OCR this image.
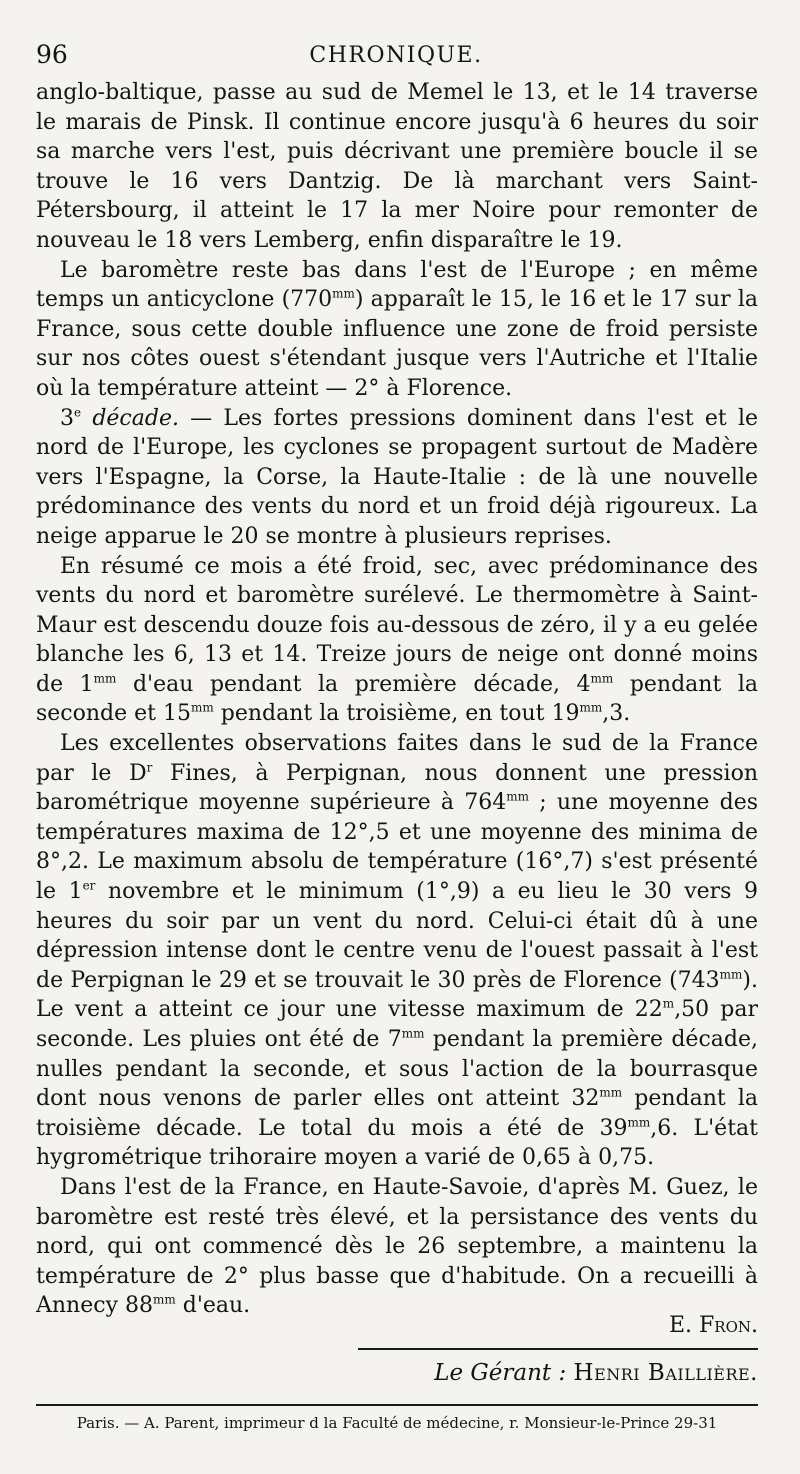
96	CHRONIQUE.

anglo-baltique, passe au sud de Memel le 13, et le 14 traverse le marais de Pinsk. Il continue encore jusqu'à 6 heures du soir sa marche vers l'est, puis décrivant une première boucle il se trouve le 16 vers Dantzig. De là marchant vers Saint-Pétersbourg, il atteint le 17 la mer Noire pour remonter de nouveau le 18 vers Lemberg, enfin disparaître le 19.

Le baromètre reste bas dans l'est de l'Europe ; en même temps un anticyclone $(770^{mm})$ apparaît le 15, le 16 et le 17 sur la France, sous cette double influence une zone de froid persiste sur nos côtes ouest s'étendant jusque vers l'Autriche et l'Italie où la température atteint — 2° à Florence.

3e décade. — Les fortes pressions dominent dans l'est et le nord de l'Europe, les cyclones se propagent surtout de Madère vers l'Espagne, la Corse, la Haute-Italie : de là une nouvelle prédominance des vents du nord et un froid déjà rigoureux. La neige apparue le 20 se montre à plusieurs reprises.

En résumé ce mois a été froid, sec, avec prédominance des vents du nord et baromètre surélevé. Le thermomètre à Saint-Maur est descendu douze fois au-dessous de zéro, il y a eu gelée blanche les 6, 13 et 14. Treize jours de neige ont donné moins de $1^{mm}$ d'eau pendant la première décade, $4^{mm}$ pendant la seconde et $15^{mm}$ pendant la troisième, en tout $19^{mm},3$.

Les excellentes observations faites dans le sud de la France par le $D^r$ Fines, à Perpignan, nous donnent une pression barométrique moyenne supérieure à $764^{mm}$ ; une moyenne des températures maxima de 12°,5 et une moyenne des minima de 8°,2. Le maximum absolu de température (16°,7) s'est présenté le 1er novembre et le minimum (1°,9) a eu lieu le 30 vers 9 heures du soir par un vent du nord. Celui-ci était dû à une dépression intense dont le centre venu de l'ouest passait à l'est de Perpignan le 29 et se trouvait le 30 près de Florence $(743^{mm})$. Le vent a atteint ce jour une vitesse maximum de 22$^m$,50 par seconde. Les pluies ont été de $7^{mm}$ pendant la première décade, nulles pendant la seconde, et sous l'action de la bourrasque dont nous venons de parler elles ont atteint $32^{mm}$ pendant la troisième décade. Le total du mois a été de $39^{mm},6$. L'état hygrométrique trihoraire moyen a varié de 0,65 à 0,75.

Dans l'est de la France, en Haute-Savoie, d'après M. Guez, le baromètre est resté très élevé, et la persistance des vents du nord, qui ont commencé dès le 26 septembre, a maintenu la température de 2° plus basse que d'habitude. On a recueilli à Annecy $88^{mm}$ d'eau.

E. Fron.
Le Gérant : Henri Baillière.
Paris. — A. Parent, imprimeur d la Faculté de médecine, r. Monsieur-le-Prince 29-31
